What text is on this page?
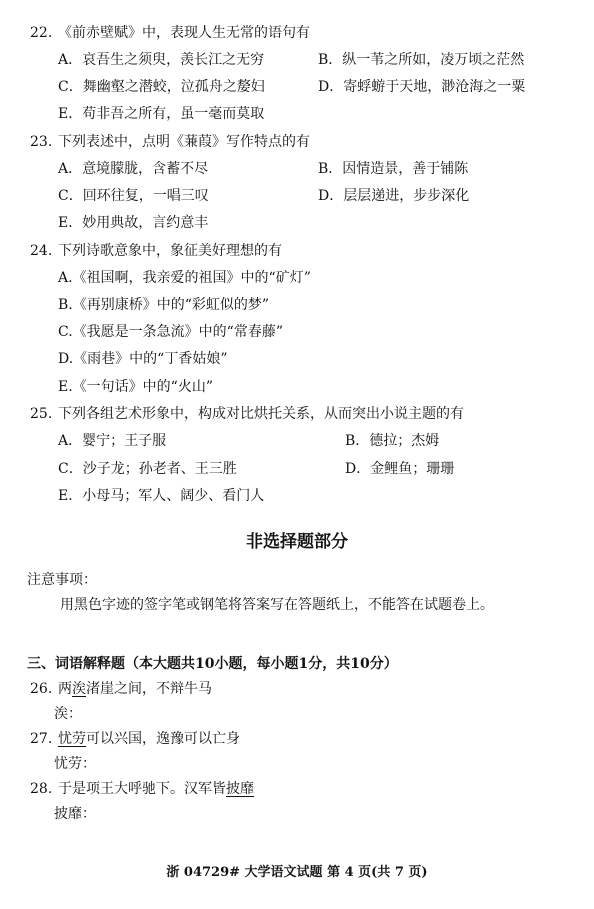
22. 《前赤壁赋》中，表现人生无常的语句有
A．哀吾生之须臾，羡长江之无穷	B．纵一苇之所如，凌万顷之茫然
C．舞幽壑之潜蛟，泣孤舟之嫠妇	D．寄蜉蝣于天地，渺沧海之一粟
E．苟非吾之所有，虽一毫而莫取
23. 下列表述中，点明《蒹葭》写作特点的有
A．意境朦胧，含蓄不尽	B．因情造景，善于铺陈
C．回环往复，一唱三叹	D．层层递进，步步深化
E．妙用典故，言约意丰
24. 下列诗歌意象中，象征美好理想的有
A.《祖国啊，我亲爱的祖国》中的“矿灯”
B.《再别康桥》中的“彩虹似的梦”
C.《我愿是一条急流》中的“常春藤”
D.《雨巷》中的“丁香姑娘”
E.《一句话》中的“火山”
25. 下列各组艺术形象中，构成对比烘托关系，从而突出小说主题的有
A．婴宁；王子服	B．德拉；杰姆
C．沙子龙；孙老者、王三胜	D．金鲤鱼；珊珊
E．小母马；军人、阔少、看门人
非选择题部分
注意事项：
用黑色字迹的签字笔或钢笔将答案写在答题纸上，不能答在试题卷上。
三、词语解释题（本大题共10小题，每小题1分，共10分）
26. 两涘渚崖之间，不辩牛马
涘：
27. 忧劳可以兴国，逸豫可以亡身
忧劳：
28. 于是项王大呼驰下。汉军皆披靡
披靡：
浙 04729# 大学语文试题 第 4 页(共 7 页)
